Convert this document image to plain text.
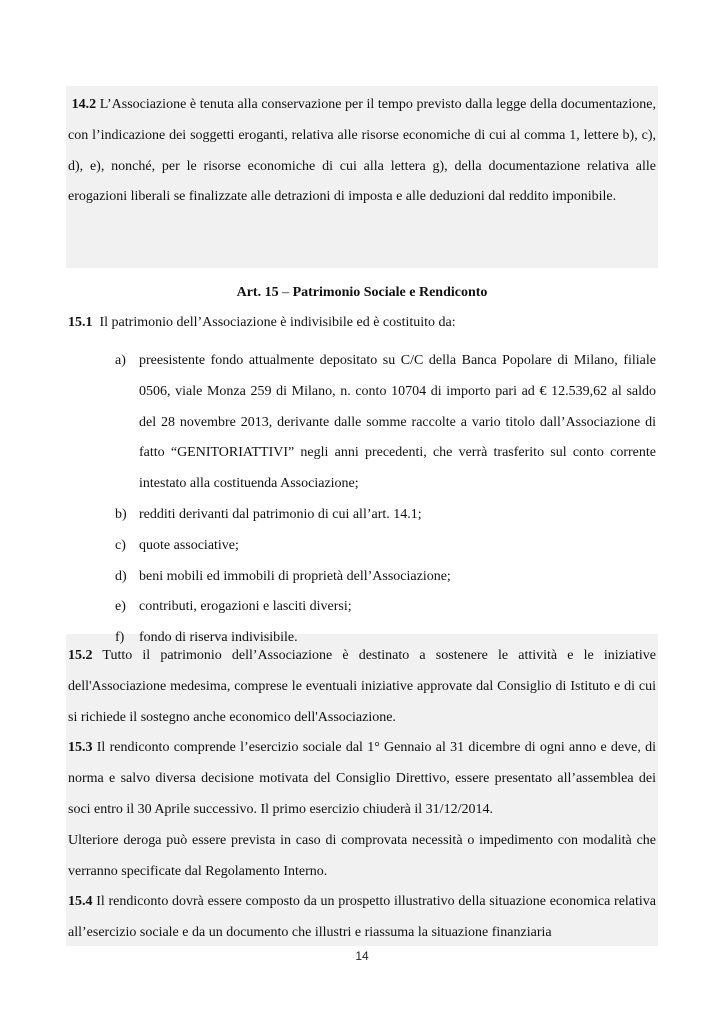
14.2 L’Associazione è tenuta alla conservazione per il tempo previsto dalla legge della documentazione, con l’indicazione dei soggetti eroganti, relativa alle risorse economiche di cui al comma 1, lettere b), c), d), e), nonché, per le risorse economiche di cui alla lettera g), della documentazione relativa alle erogazioni liberali se finalizzate alle detrazioni di imposta e alle deduzioni dal reddito imponibile.

Art. 15 – Patrimonio Sociale e Rendiconto

15.1 Il patrimonio dell’Associazione è indivisibile ed è costituito da:

a) preesistente fondo attualmente depositato su C/C della Banca Popolare di Milano, filiale 0506, viale Monza 259 di Milano, n. conto 10704 di importo pari ad € 12.539,62 al saldo del 28 novembre 2013, derivante dalle somme raccolte a vario titolo dall’Associazione di fatto “GENITORIATTIVI” negli anni precedenti, che verrà trasferito sul conto corrente intestato alla costituenda Associazione;
b) redditi derivanti dal patrimonio di cui all’art. 14.1;
c) quote associative;
d) beni mobili ed immobili di proprietà dell’Associazione;
e) contributi, erogazioni e lasciti diversi;
f) fondo di riserva indivisibile.

15.2 Tutto il patrimonio dell’Associazione è destinato a sostenere le attività e le iniziative dell'Associazione medesima, comprese le eventuali iniziative approvate dal Consiglio di Istituto e di cui si richiede il sostegno anche economico dell'Associazione.

15.3 Il rendiconto comprende l’esercizio sociale dal 1° Gennaio al 31 dicembre di ogni anno e deve, di norma e salvo diversa decisione motivata del Consiglio Direttivo, essere presentato all’assemblea dei soci entro il 30 Aprile successivo. Il primo esercizio chiuderà il 31/12/2014.

Ulteriore deroga può essere prevista in caso di comprovata necessità o impedimento con modalità che verranno specificate dal Regolamento Interno.

15.4 Il rendiconto dovrà essere composto da un prospetto illustrativo della situazione economica relativa all’esercizio sociale e da un documento che illustri e riassuma la situazione finanziaria

14
